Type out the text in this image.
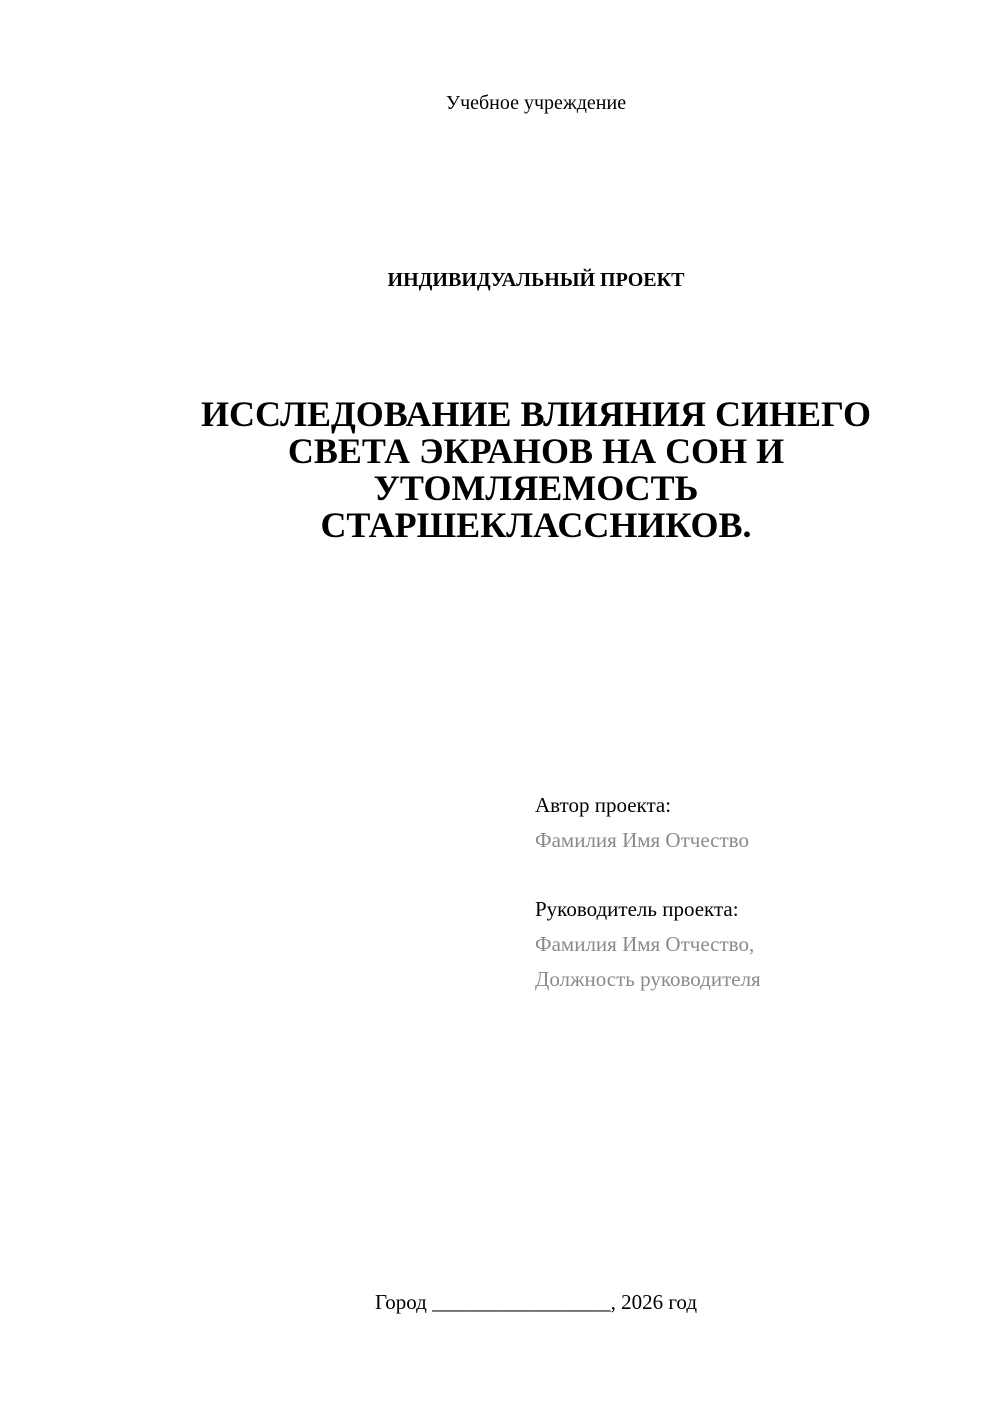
Учебное учреждение
ИНДИВИДУАЛЬНЫЙ ПРОЕКТ
ИССЛЕДОВАНИЕ ВЛИЯНИЯ СИНЕГО
СВЕТА ЭКРАНОВ НА СОН И
УТОМЛЯЕМОСТЬ
СТАРШЕКЛАССНИКОВ.
Автор проекта:
Фамилия Имя Отчество
Руководитель проекта:
Фамилия Имя Отчество,
Должность руководителя
Город _________________, 2026 год
